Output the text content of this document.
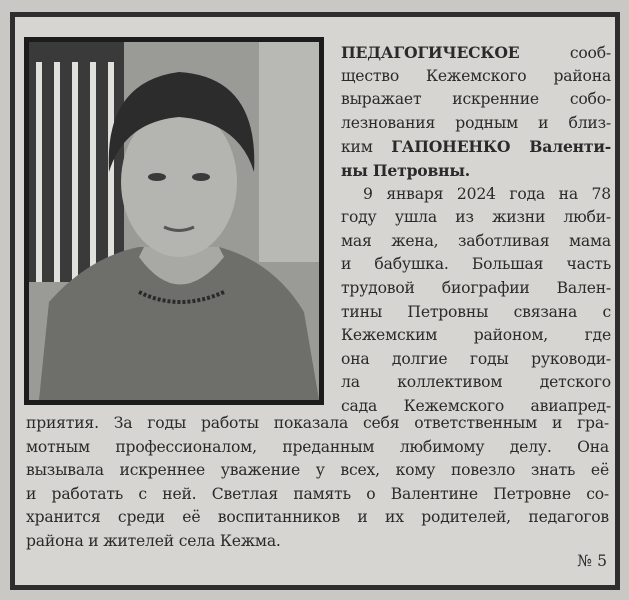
ПЕДАГОГИЧЕСКОЕ сооб-
щество Кежемского района
выражает искренние собо-
лезнования родным и близ-
ким ГАПОНЕНКО Валенти-
ны Петровны.
9 января 2024 года на 78
году ушла из жизни люби-
мая жена, заботливая мама
и бабушка. Большая часть
трудовой биографии Вален-
тины Петровны связана с
Кежемским районом, где
она долгие годы руководи-
ла коллективом детского
сада Кежемского авиапред-
приятия. За годы работы показала себя ответственным и гра-
мотным профессионалом, преданным любимому делу. Она
вызывала искреннее уважение у всех, кому повезло знать её
и работать с ней. Светлая память о Валентине Петровне со-
хранится среди её воспитанников и их родителей, педагогов
района и жителей села Кежма.
№ 5
